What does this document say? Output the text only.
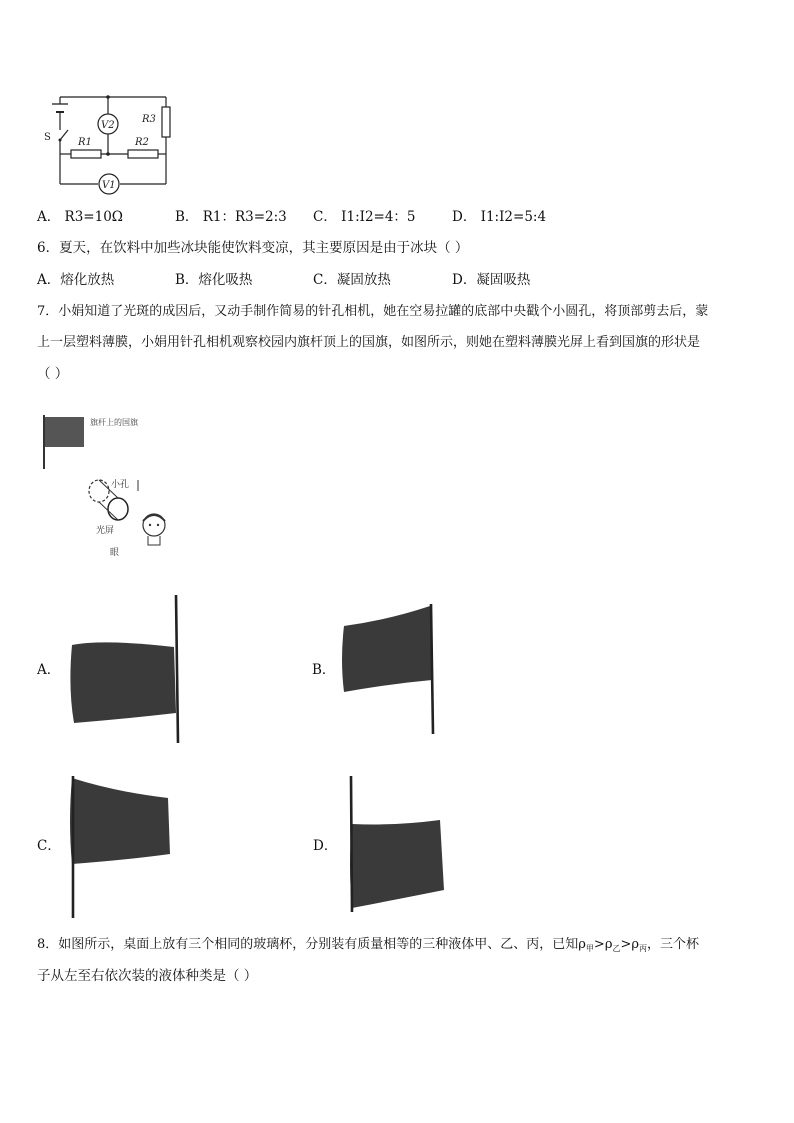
R3
V2
S	R1	R2
V1
A． R3=10Ω	B． R1：R3=2:3 C． I1:I2=4：5	D． I1:I2=5:4
6．夏天，在饮料中加些冰块能使饮料变凉，其主要原因是由于冰块（ ）
A．熔化放热	B．熔化吸热	C．凝固放热	D．凝固吸热
7．小娟知道了光斑的成因后，又动手制作简易的针孔相机，她在空易拉罐的底部中央戳个小圆孔，将顶部剪去后，蒙
上一层塑料薄膜，小娟用针孔相机观察校园内旗杆顶上的国旗，如图所示，则她在塑料薄膜光屏上看到国旗的形状是
（ ）
旗杆上的国旗
小孔
光屏
眼
A．	B．
C．	D．
8．如图所示，桌面上放有三个相同的玻璃杯，分别装有质量相等的三种液体甲、乙、丙，已知$\rho_甲>\rho_乙>\rho_丙$，三个杯
子从左至右依次装的液体种类是（ ）
